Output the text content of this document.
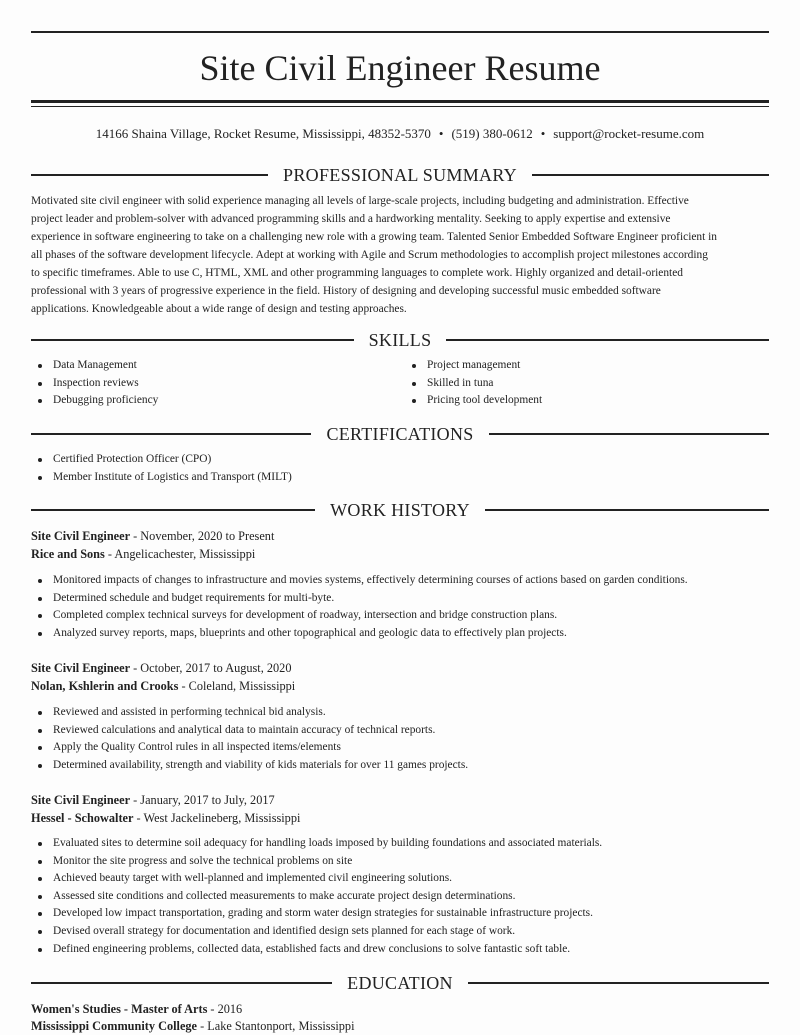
Site Civil Engineer Resume
14166 Shaina Village, Rocket Resume, Mississippi, 48352-5370 • (519) 380-0612 • support@rocket-resume.com
PROFESSIONAL SUMMARY
Motivated site civil engineer with solid experience managing all levels of large-scale projects, including budgeting and administration. Effective
project leader and problem-solver with advanced programming skills and a hardworking mentality. Seeking to apply expertise and extensive
experience in software engineering to take on a challenging new role with a growing team. Talented Senior Embedded Software Engineer proficient in
all phases of the software development lifecycle. Adept at working with Agile and Scrum methodologies to accomplish project milestones according
to specific timeframes. Able to use C, HTML, XML and other programming languages to complete work. Highly organized and detail-oriented
professional with 3 years of progressive experience in the field. History of designing and developing successful music embedded software
applications. Knowledgeable about a wide range of design and testing approaches.
SKILLS
Data Management
Inspection reviews
Debugging proficiency
Project management
Skilled in tuna
Pricing tool development
CERTIFICATIONS
Certified Protection Officer (CPO)
Member Institute of Logistics and Transport (MILT)
WORK HISTORY
Site Civil Engineer - November, 2020 to Present
Rice and Sons - Angelicachester, Mississippi
Monitored impacts of changes to infrastructure and movies systems, effectively determining courses of actions based on garden conditions.
Determined schedule and budget requirements for multi-byte.
Completed complex technical surveys for development of roadway, intersection and bridge construction plans.
Analyzed survey reports, maps, blueprints and other topographical and geologic data to effectively plan projects.
Site Civil Engineer - October, 2017 to August, 2020
Nolan, Kshlerin and Crooks - Coleland, Mississippi
Reviewed and assisted in performing technical bid analysis.
Reviewed calculations and analytical data to maintain accuracy of technical reports.
Apply the Quality Control rules in all inspected items/elements
Determined availability, strength and viability of kids materials for over 11 games projects.
Site Civil Engineer - January, 2017 to July, 2017
Hessel - Schowalter - West Jackelineberg, Mississippi
Evaluated sites to determine soil adequacy for handling loads imposed by building foundations and associated materials.
Monitor the site progress and solve the technical problems on site
Achieved beauty target with well-planned and implemented civil engineering solutions.
Assessed site conditions and collected measurements to make accurate project design determinations.
Developed low impact transportation, grading and storm water design strategies for sustainable infrastructure projects.
Devised overall strategy for documentation and identified design sets planned for each stage of work.
Defined engineering problems, collected data, established facts and drew conclusions to solve fantastic soft table.
EDUCATION
Women's Studies - Master of Arts - 2016
Mississippi Community College - Lake Stantonport, Mississippi
